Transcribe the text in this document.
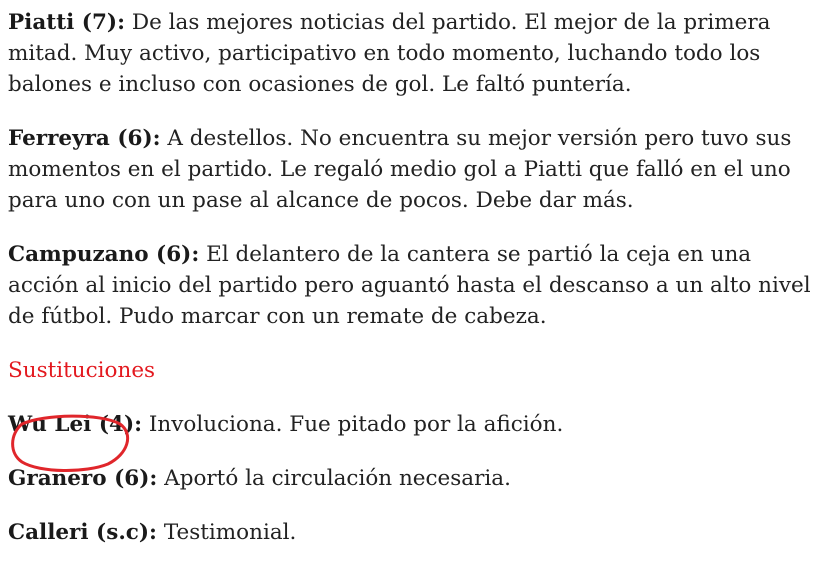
Piatti (7): De las mejores noticias del partido. El mejor de la primera mitad. Muy activo, participativo en todo momento, luchando todo los balones e incluso con ocasiones de gol. Le faltó puntería.

Ferreyra (6): A destellos. No encuentra su mejor versión pero tuvo sus momentos en el partido. Le regaló medio gol a Piatti que falló en el uno para uno con un pase al alcance de pocos. Debe dar más.

Campuzano (6): El delantero de la cantera se partió la ceja en una acción al inicio del partido pero aguantó hasta el descanso a un alto nivel de fútbol. Pudo marcar con un remate de cabeza.

Sustituciones

Wu Lei (4): Involuciona. Fue pitado por la afición.

Granero (6): Aportó la circulación necesaria.

Calleri (s.c): Testimonial.
